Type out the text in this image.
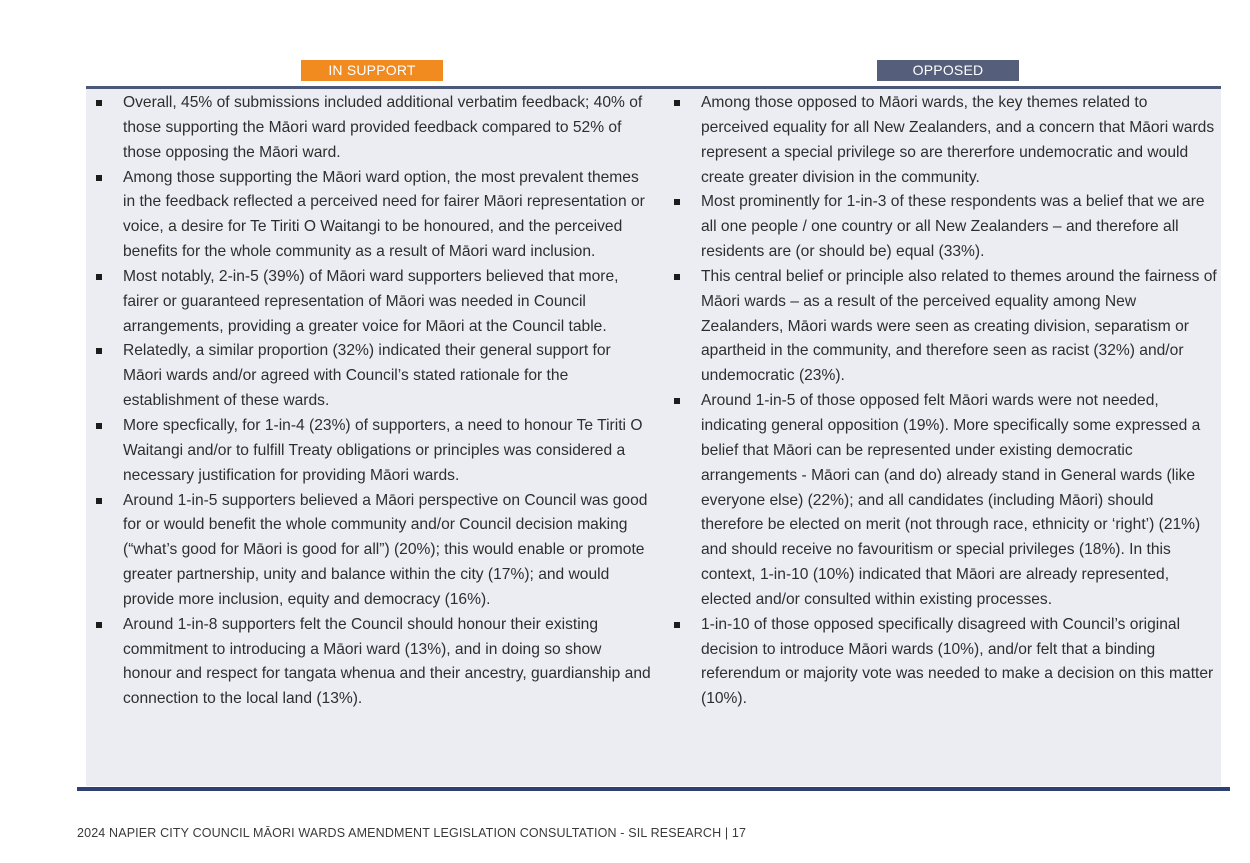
IN SUPPORT	OPPOSED
Overall, 45% of submissions included additional verbatim feedback; 40% of those supporting the Māori ward provided feedback compared to 52% of those opposing the Māori ward.
Among those supporting the Māori ward option, the most prevalent themes in the feedback reflected a perceived need for fairer Māori representation or voice, a desire for Te Tiriti O Waitangi to be honoured, and the perceived benefits for the whole community as a result of Māori ward inclusion.
Most notably, 2-in-5 (39%) of Māori ward supporters believed that more, fairer or guaranteed representation of Māori was needed in Council arrangements, providing a greater voice for Māori at the Council table.
Relatedly, a similar proportion (32%) indicated their general support for Māori wards and/or agreed with Council’s stated rationale for the establishment of these wards.
More specfically, for 1-in-4 (23%) of supporters, a need to honour Te Tiriti O Waitangi and/or to fulfill Treaty obligations or principles was considered a necessary justification for providing Māori wards.
Around 1-in-5 supporters believed a Māori perspective on Council was good for or would benefit the whole community and/or Council decision making (“what’s good for Māori is good for all”) (20%); this would enable or promote greater partnership, unity and balance within the city (17%); and would provide more inclusion, equity and democracy (16%).
Around 1-in-8 supporters felt the Council should honour their existing commitment to introducing a Māori ward (13%), and in doing so show honour and respect for tangata whenua and their ancestry, guardianship and connection to the local land (13%).
Among those opposed to Māori wards, the key themes related to perceived equality for all New Zealanders, and a concern that Māori wards represent a special privilege so are thererfore undemocratic and would create greater division in the community.
Most prominently for 1-in-3 of these respondents was a belief that we are all one people / one country or all New Zealanders – and therefore all residents are (or should be) equal (33%).
This central belief or principle also related to themes around the fairness of Māori wards – as a result of the perceived equality among New Zealanders, Māori wards were seen as creating division, separatism or apartheid in the community, and therefore seen as racist (32%) and/or undemocratic (23%).
Around 1-in-5 of those opposed felt Māori wards were not needed, indicating general opposition (19%). More specifically some expressed a belief that Māori can be represented under existing democratic arrangements - Māori can (and do) already stand in General wards (like everyone else) (22%); and all candidates (including Māori) should therefore be elected on merit (not through race, ethnicity or ‘right’) (21%) and should receive no favouritism or special privileges (18%). In this context, 1-in-10 (10%) indicated that Māori are already represented, elected and/or consulted within existing processes.
1-in-10 of those opposed specifically disagreed with Council’s original decision to introduce Māori wards (10%), and/or felt that a binding referendum or majority vote was needed to make a decision on this matter (10%).
2024 NAPIER CITY COUNCIL MĀORI WARDS AMENDMENT LEGISLATION CONSULTATION - SIL RESEARCH | 17
